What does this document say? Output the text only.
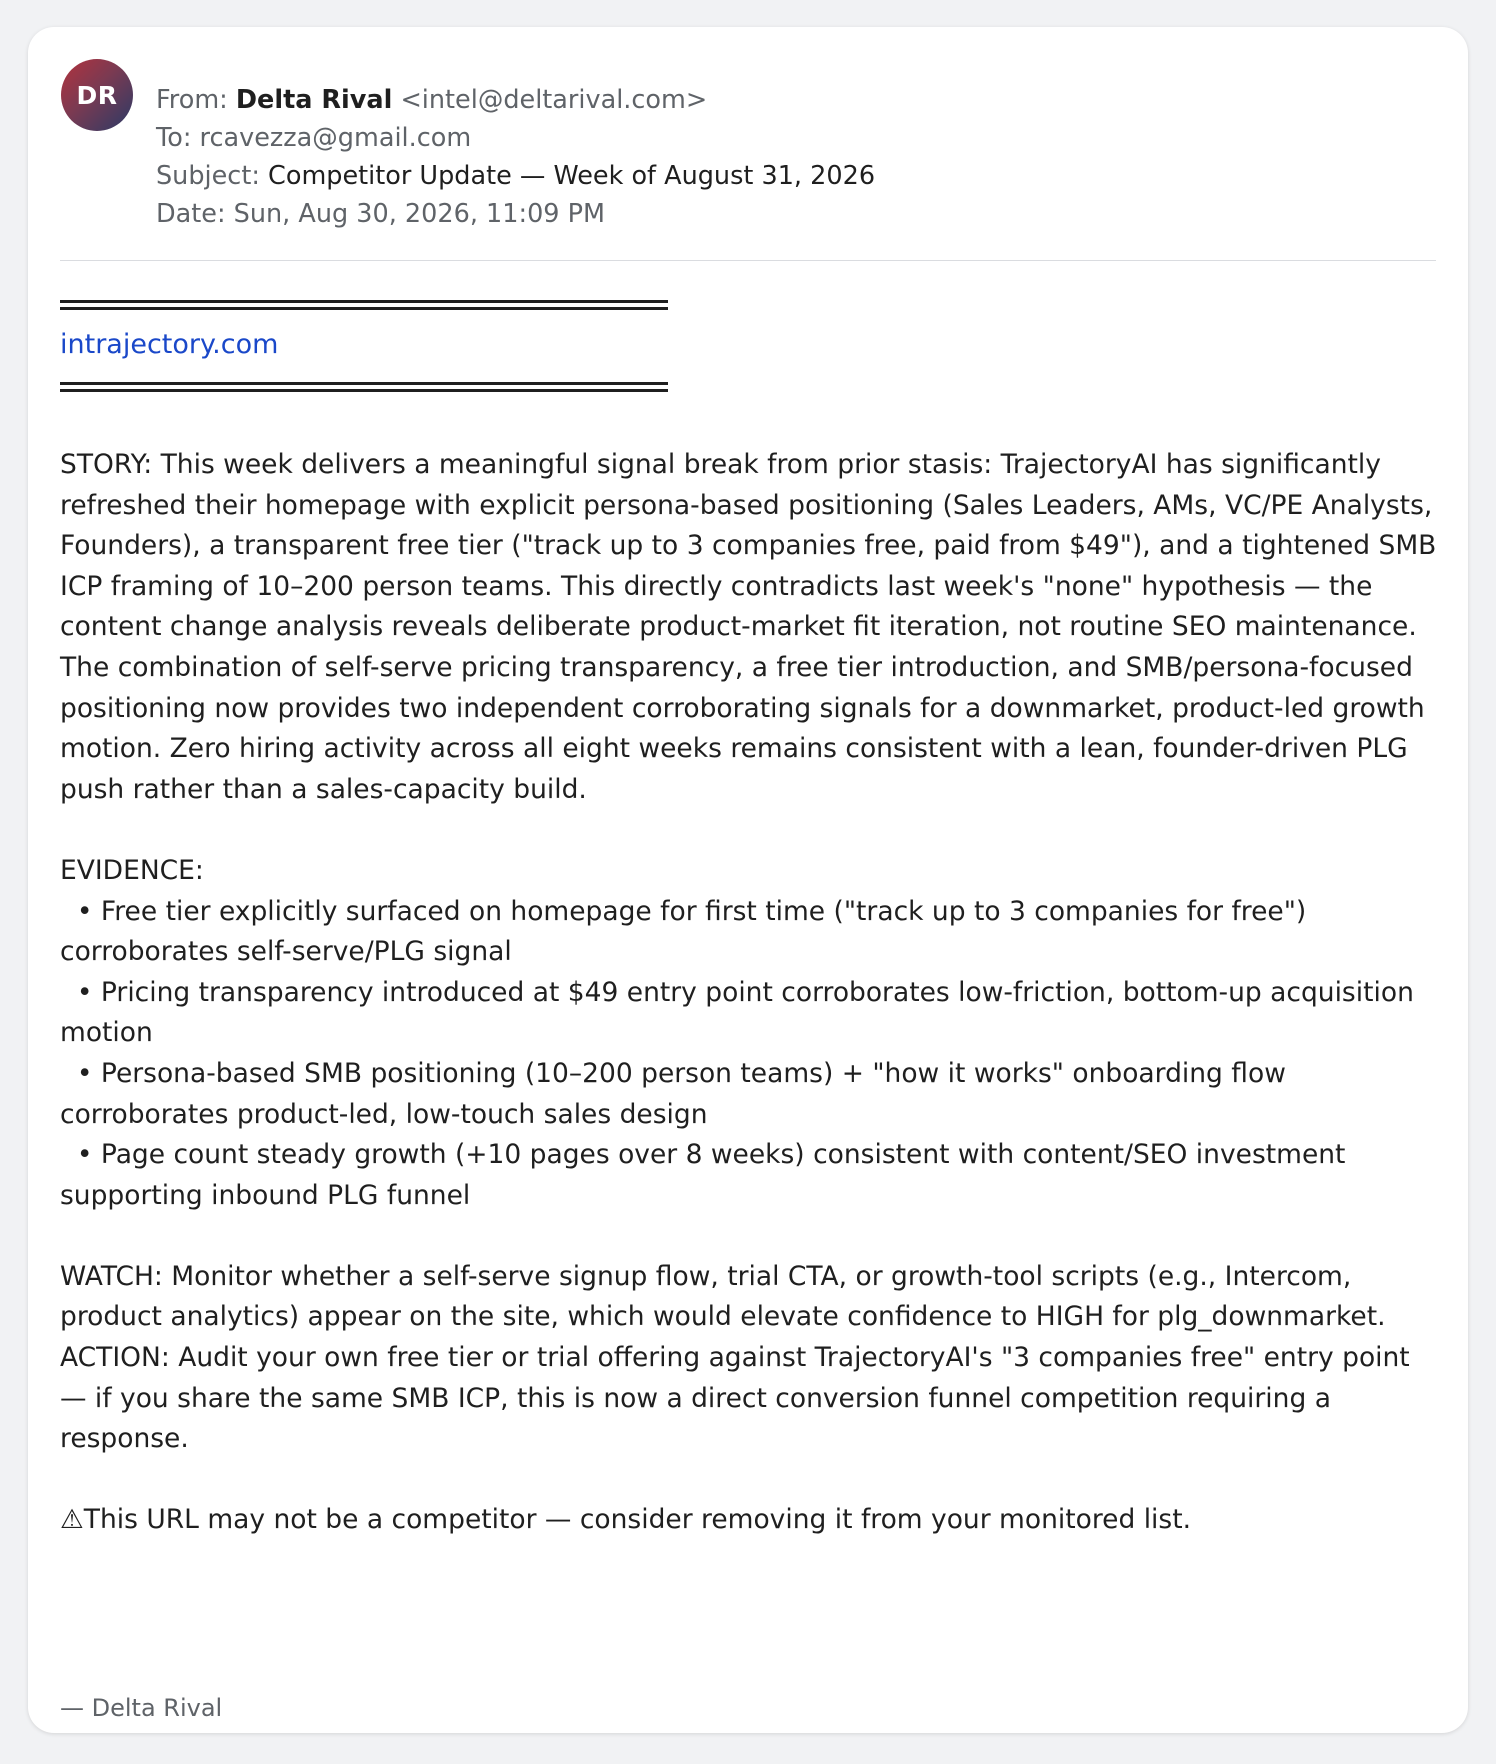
DR From: Delta Rival <intel@deltarival.com>
To: rcavezza@gmail.com
Subject: Competitor Update — Week of August 31, 2026
Date: Sun, Aug 30, 2026, 11:09 PM
intrajectory.com

STORY: This week delivers a meaningful signal break from prior stasis: TrajectoryAI has significantly refreshed their homepage with explicit persona-based positioning (Sales Leaders, AMs, VC/PE Analysts, Founders), a transparent free tier ("track up to 3 companies free, paid from $49"), and a tightened SMB ICP framing of 10–200 person teams. This directly contradicts last week's "none" hypothesis — the content change analysis reveals deliberate product-market fit iteration, not routine SEO maintenance. The combination of self-serve pricing transparency, a free tier introduction, and SMB/persona-focused positioning now provides two independent corroborating signals for a downmarket, product-led growth motion. Zero hiring activity across all eight weeks remains consistent with a lean, founder-driven PLG push rather than a sales-capacity build.

EVIDENCE:

• Free tier explicitly surfaced on homepage for first time ("track up to 3 companies for free") corroborates self-serve/PLG signal

• Pricing transparency introduced at $49 entry point corroborates low-friction, bottom-up acquisition motion

• Persona-based SMB positioning (10–200 person teams) + "how it works" onboarding flow corroborates product-led, low-touch sales design

• Page count steady growth (+10 pages over 8 weeks) consistent with content/SEO investment supporting inbound PLG funnel

WATCH: Monitor whether a self-serve signup flow, trial CTA, or growth-tool scripts (e.g., Intercom, product analytics) appear on the site, which would elevate confidence to HIGH for plg_downmarket.

ACTION: Audit your own free tier or trial offering against TrajectoryAI's "3 companies free" entry point — if you share the same SMB ICP, this is now a direct conversion funnel competition requiring a response.

⚠This URL may not be a competitor — consider removing it from your monitored list.

— Delta Rival
